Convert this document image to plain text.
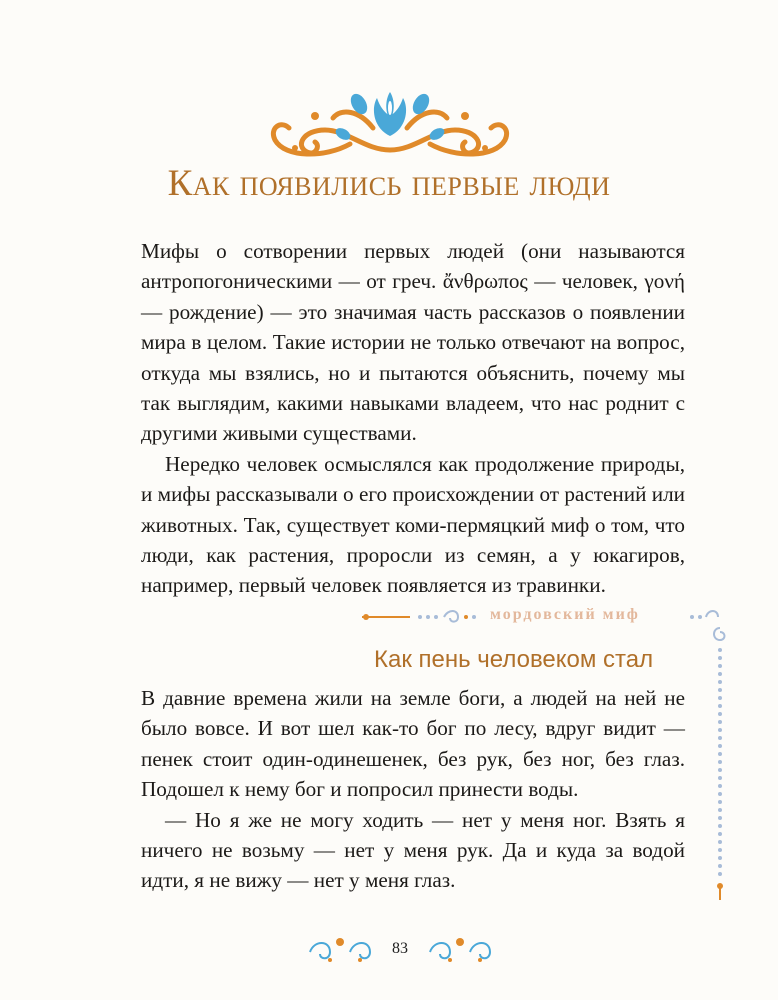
Как появились первые люди

Мифы о сотворении первых людей (они называются антропогоническими — от греч. ἄνθρωπος — человек, γονή — рождение) — это значимая часть рассказов о появлении мира в целом. Такие истории не только отвечают на вопрос, откуда мы взялись, но и пытаются объяснить, почему мы так выглядим, какими навыками владеем, что нас роднит с другими живыми существами.

Нередко человек осмыслялся как продолжение природы, и мифы рассказывали о его происхождении от растений или животных. Так, существует коми-пермяцкий миф о том, что люди, как растения, проросли из семян, а у юкагиров, например, первый человек появляется из травинки.

мордовский миф
Как пень человеком стал

В давние времена жили на земле боги, а людей на ней не было вовсе. И вот шел как-то бог по лесу, вдруг видит — пенек стоит один-одинешенек, без рук, без ног, без глаз. Подошел к нему бог и попросил принести воды.

— Но я же не могу ходить — нет у меня ног. Взять я ничего не возьму — нет у меня рук. Да и куда за водой идти, я не вижу — нет у меня глаз.

83
